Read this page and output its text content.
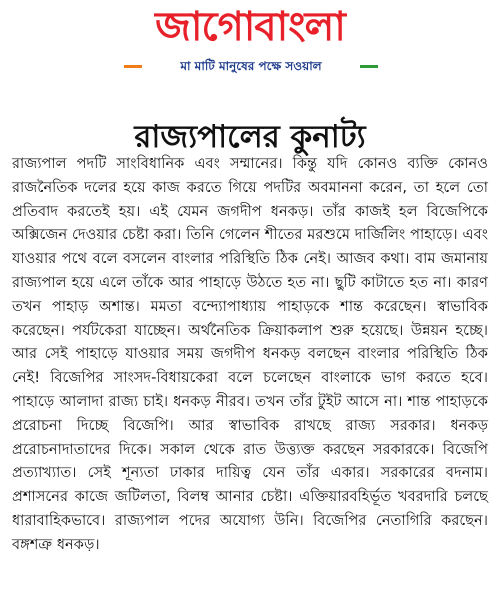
জাগোবাংলা
মা মাটি মানুষের পক্ষে সওয়াল
রাজ্যপালের কুনাট্য

রাজ্যপাল পদটি সাংবিধানিক এবং সম্মানের। কিন্তু যদি কোনও ব্যক্তি কোনও রাজনৈতিক দলের হয়ে কাজ করতে গিয়ে পদটির অবমাননা করেন, তা হলে তো প্রতিবাদ করতেই হয়। এই যেমন জগদীপ ধনকড়। তাঁর কাজই হল বিজেপিকে অক্সিজেন দেওয়ার চেষ্টা করা। তিনি গেলেন শীতের মরশুমে দার্জিলিং পাহাড়ে। এবং যাওয়ার পথে বলে বসলেন বাংলার পরিস্থিতি ঠিক নেই। আজব কথা। বাম জমানায় রাজ্যপাল হয়ে এলে তাঁকে আর পাহাড়ে উঠতে হত না। ছুটি কাটাতে হত না। কারণ তখন পাহাড় অশান্ত। মমতা বন্দ্যোপাধ্যায় পাহাড়কে শান্ত করেছেন। স্বাভাবিক করেছেন। পর্যটকেরা যাচ্ছেন। অর্থনৈতিক ক্রিয়াকলাপ শুরু হয়েছে। উন্নয়ন হচ্ছে। আর সেই পাহাড়ে যাওয়ার সময় জগদীপ ধনকড় বলছেন বাংলার পরিস্থিতি ঠিক নেই! বিজেপির সাংসদ-বিধায়কেরা বলে চলেছেন বাংলাকে ভাগ করতে হবে। পাহাড়ে আলাদা রাজ্য চাই। ধনকড় নীরব। তখন তাঁর টুইট আসে না। শান্ত পাহাড়কে প্ররোচনা দিচ্ছে বিজেপি। আর স্বাভাবিক রাখছে রাজ্য সরকার। ধনকড় প্ররোচনাদাতাদের দিকে। সকাল থেকে রাত উত্ত্যক্ত করছেন সরকারকে। বিজেপি প্রত্যাখ্যাত। সেই শূন্যতা ঢাকার দায়িত্ব যেন তাঁর একার। সরকারের বদনাম। প্রশাসনের কাজে জটিলতা, বিলম্ব আনার চেষ্টা। এক্তিয়ারবহির্ভূত খবরদারি চলছে ধারাবাহিকভাবে। রাজ্যপাল পদের অযোগ্য উনি। বিজেপির নেতাগিরি করছেন। বঙ্গশত্রু ধনকড়।
